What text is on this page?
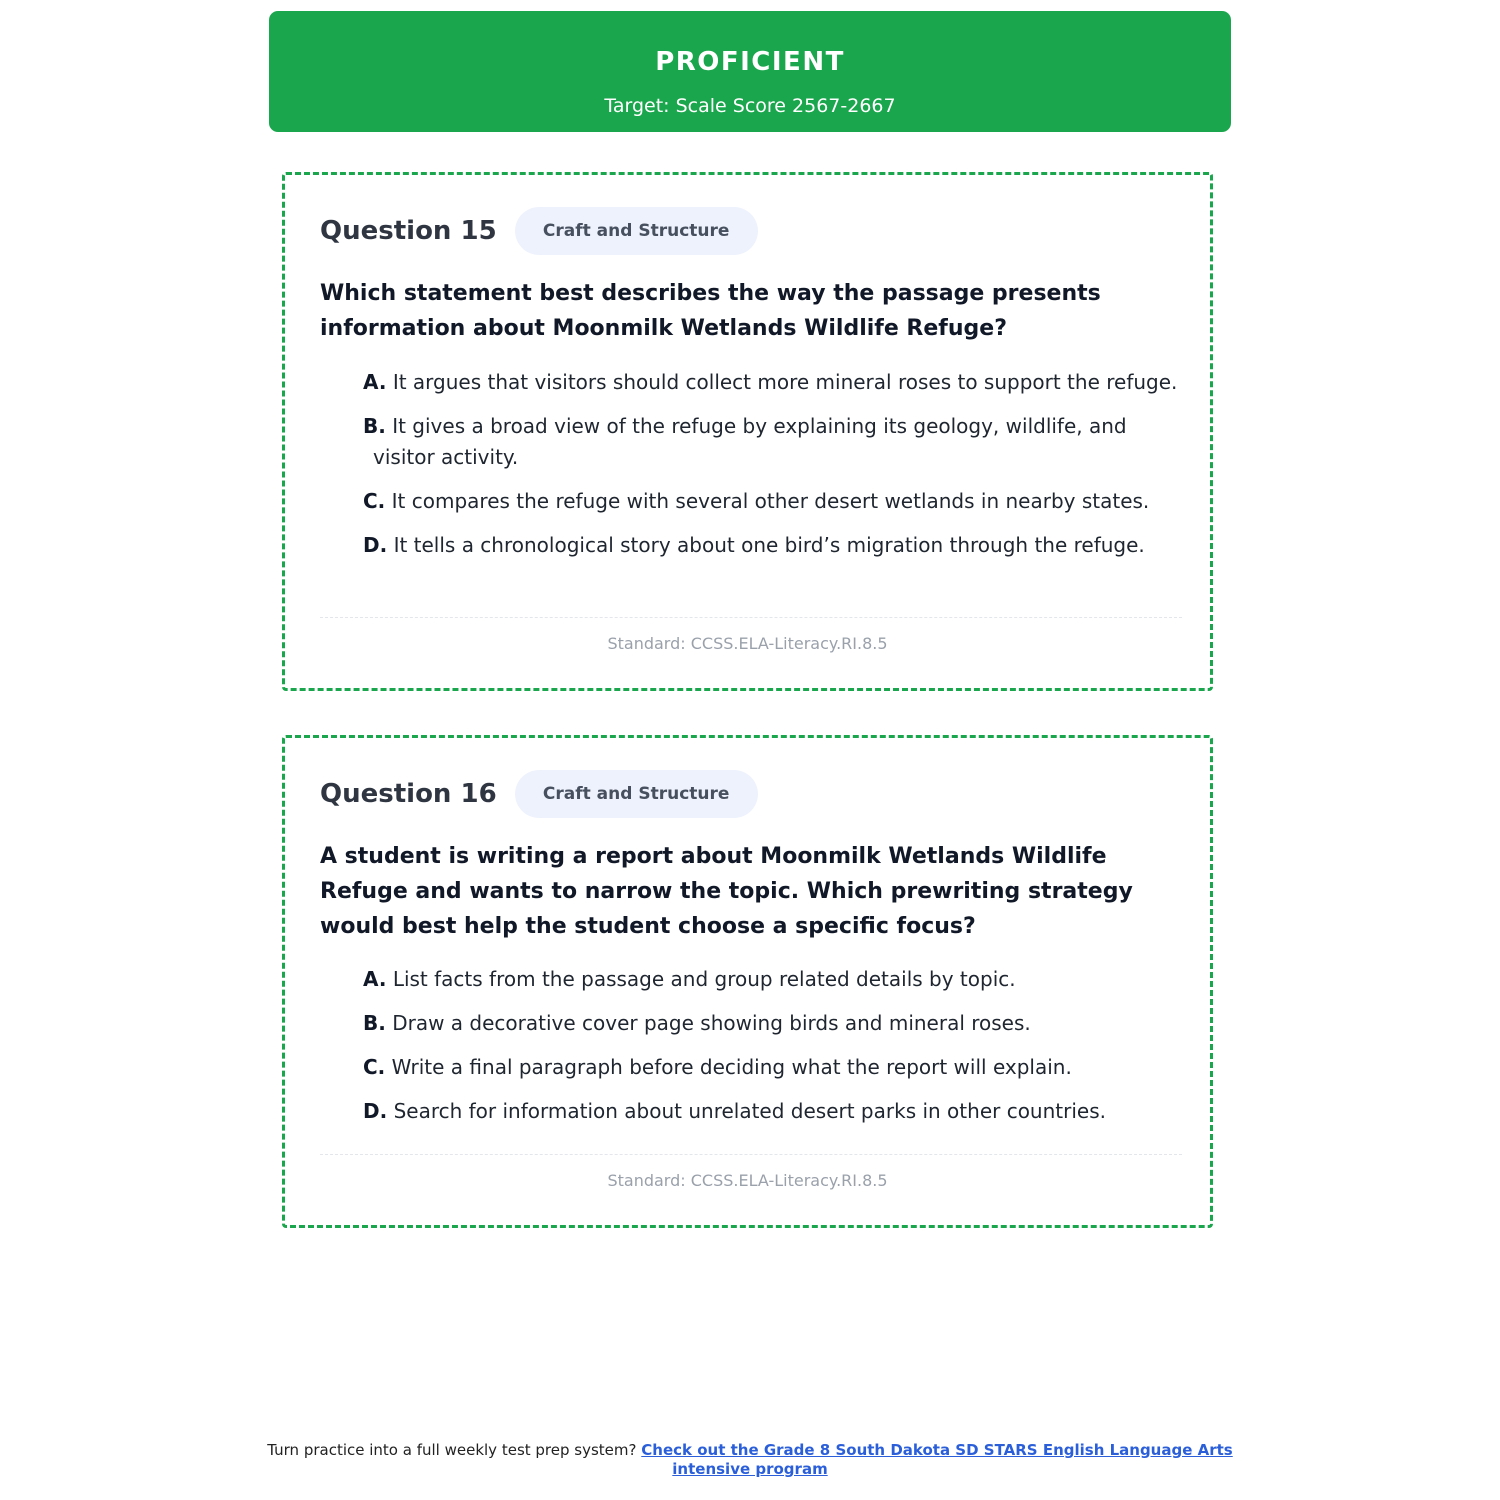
PROFICIENT
Target: Scale Score 2567-2667
Question 15	Craft and Structure
Which statement best describes the way the passage presents information about Moonmilk Wetlands Wildlife Refuge?
A. It argues that visitors should collect more mineral roses to support the refuge.
B. It gives a broad view of the refuge by explaining its geology, wildlife, and visitor activity.
C. It compares the refuge with several other desert wetlands in nearby states.
D. It tells a chronological story about one bird’s migration through the refuge.
Standard: CCSS.ELA-Literacy.RI.8.5
Question 16	Craft and Structure
A student is writing a report about Moonmilk Wetlands Wildlife Refuge and wants to narrow the topic. Which prewriting strategy would best help the student choose a specific focus?
A. List facts from the passage and group related details by topic.
B. Draw a decorative cover page showing birds and mineral roses.
C. Write a final paragraph before deciding what the report will explain.
D. Search for information about unrelated desert parks in other countries.
Standard: CCSS.ELA-Literacy.RI.8.5
Turn practice into a full weekly test prep system? Check out the Grade 8 South Dakota SD STARS English Language Arts intensive program
